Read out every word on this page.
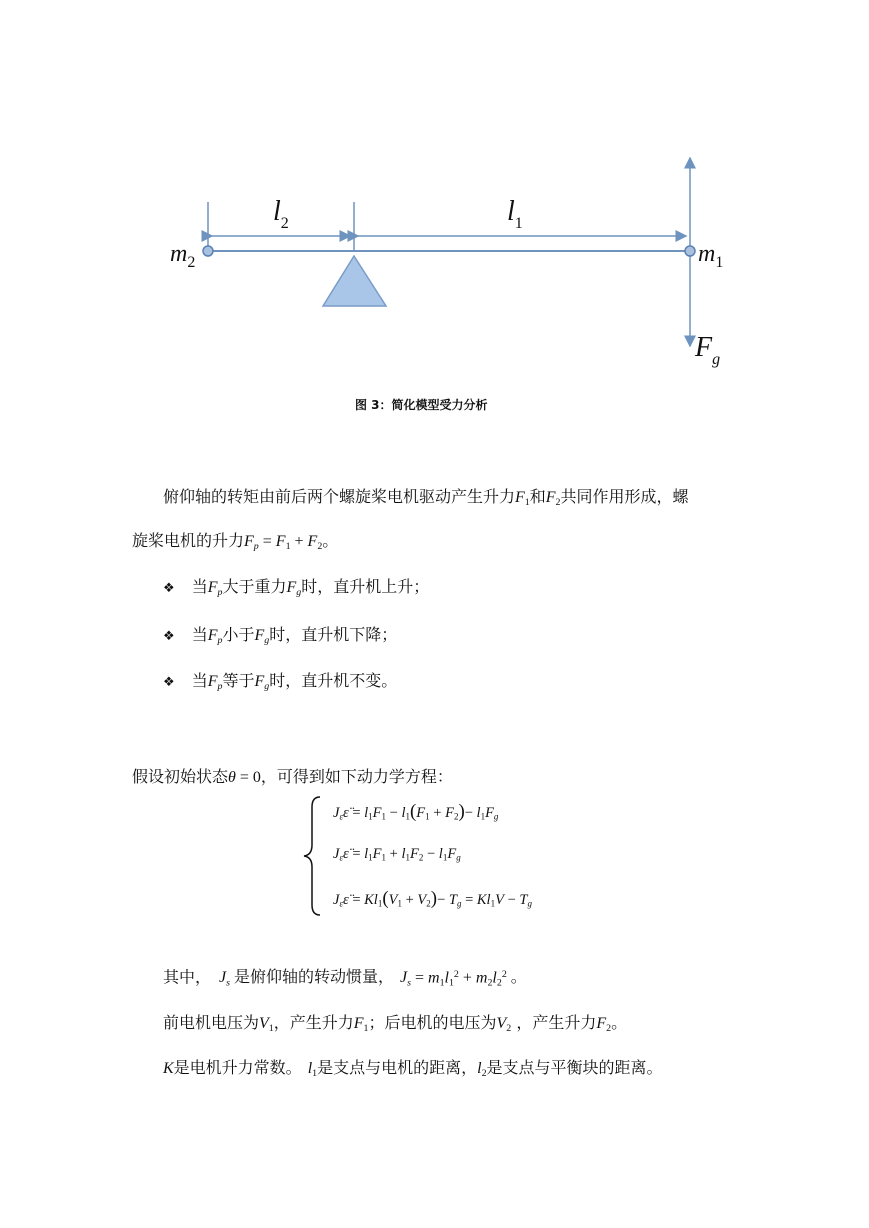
$m_2$	$m_1$
$l_2$	$l_1$
$F_g$
图 3：简化模型受力分析
俯仰轴的转矩由前后两个螺旋桨电机驱动产生升力$F_1$和$F_2$共同作用形成，螺
旋桨电机的升力$F_p = F_1 + F_2$。
❖ 当$F_p$大于重力$F_g$时，直升机上升；
❖ 当$F_p$小于$F_g$时，直升机下降；
❖ 当$F_p$等于$F_g$时，直升机不变。
假设初始状态θ = 0，可得到如下动力学方程：
$J_\varepsilon\varepsilon̈ = l_1F_1 - l_1(F_1 + F_2)- l_1F_g$
$J_\varepsilon\varepsilon̈ = l_1F_1 + l_1F_2 - l_1F_g$
$J_\varepsilon\varepsilon̈ = Kl_1(V_1 + V_2)- T_g = Kl_1V - T_g$
其中， $J_s$ 是俯仰轴的转动惯量， $J_s = m_1l_1^2 + m_2l_2^2$ 。
前电机电压为$V_1$，产生升力$F_1$；后电机的电压为$V_2$ ，产生升力$F_2$。
K是电机升力常数。 $l_1$是支点与电机的距离，$l_2$是支点与平衡块的距离。
